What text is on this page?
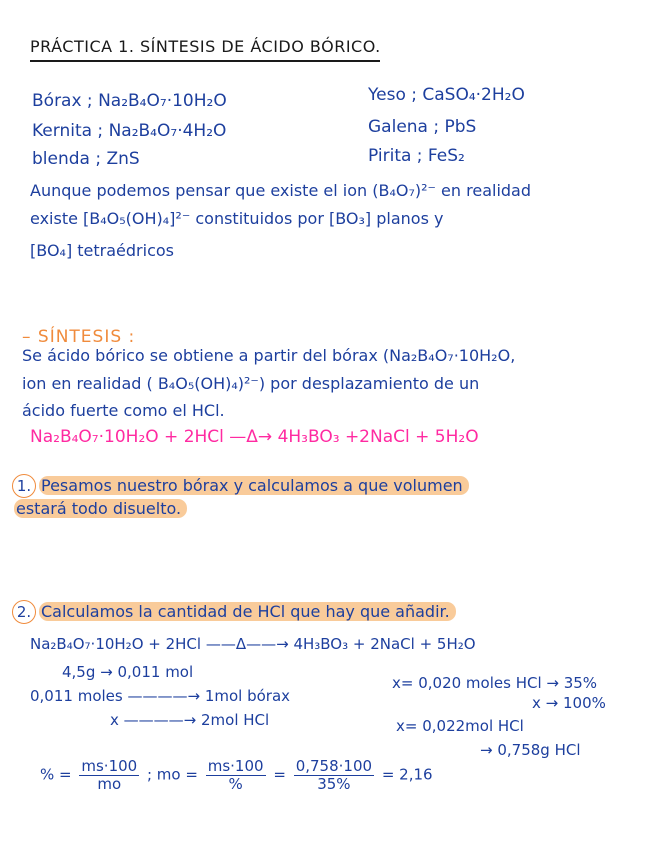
PRÁCTICA 1. SÍNTESIS DE ÁCIDO BÓRICO.
Bórax ; Na₂B₄O₇·10H₂O
Kernita ; Na₂B₄O₇·4H₂O
blenda ; ZnS
Yeso ; CaSO₄·2H₂O
Galena ; PbS
Pirita ; FeS₂
Aunque podemos pensar que existe el ion (B₄O₇)²⁻ en realidad
existe [B₄O₅(OH)₄]²⁻ constituidos por [BO₃] planos y
[BO₄] tetraédricos
– SÍNTESIS :
Se ácido bórico se obtiene a partir del bórax (Na₂B₄O₇·10H₂O,
ion en realidad ( B₄O₅(OH)₄)²⁻) por desplazamiento de un
ácido fuerte como el HCl.
Na₂B₄O₇·10H₂O + 2HCl —Δ→ 4H₃BO₃ +2NaCl + 5H₂O
1. Pesamos nuestro bórax y calculamos a que volumen
estará todo disuelto.
2. Calculamos la cantidad de HCl que hay que añadir.
Na₂B₄O₇·10H₂O + 2HCl ——Δ——→ 4H₃BO₃ + 2NaCl + 5H₂O
4,5g → 0,011 mol
0,011 moles ————→ 1mol bórax
x ————→ 2mol HCl
x= 0,020 moles HCl → 35%
x → 100%
x= 0,022mol HCl
→ 0,758g HCl
% = $\frac{ms\cdot 100}{mo}$ ; mo = ms·100
%	= $\frac{0,758\cdot 100}{35\%} = 2,16$
